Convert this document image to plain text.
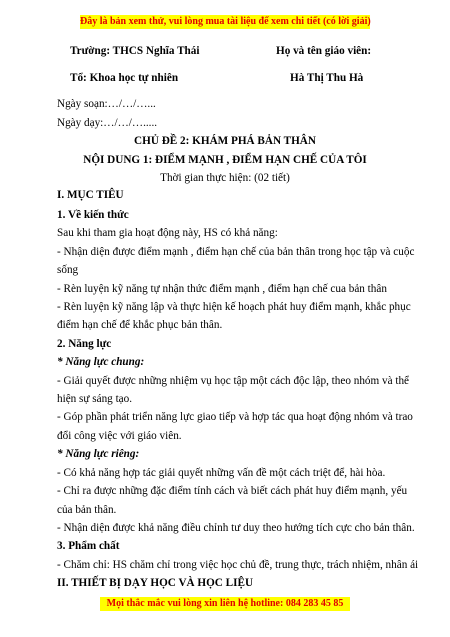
Đây là bản xem thử, vui lòng mua tài liệu để xem chi tiết (có lời giải)
Trường: THCS Nghĩa Thái	Họ và tên giáo viên:
Tổ: Khoa học tự nhiên	Hà Thị Thu Hà
Ngày soạn:…/…/…...
Ngày dạy:…/…/….....
CHỦ ĐỀ 2: KHÁM PHÁ BẢN THÂN
NỘI DUNG 1: ĐIỂM MẠNH , ĐIỂM HẠN CHẾ CỦA TÔI
Thời gian thực hiện: (02 tiết)
I. MỤC TIÊU
1. Về kiến thức
Sau khi tham gia hoạt động này, HS có khả năng:
- Nhận diện được điểm mạnh , điểm hạn chế của bản thân trong học tập và cuộc
sống
- Rèn luyện kỹ năng tự nhận thức điểm mạnh , điểm hạn chế cua bản thân
- Rèn luyện kỹ năng lập và thực hiện kế hoạch phát huy điểm mạnh, khắc phục
điểm hạn chế để khắc phục bản thân.
2. Năng lực
* Năng lực chung:
- Giải quyết được những nhiệm vụ học tập một cách độc lập, theo nhóm và thể
hiện sự sáng tạo.
- Góp phần phát triển năng lực giao tiếp và hợp tác qua hoạt động nhóm và trao
đổi công việc với giáo viên.
* Năng lực riêng:
- Có khả năng hợp tác giải quyết những vấn đề một cách triệt để, hài hòa.
- Chỉ ra được những đặc điểm tính cách và biết cách phát huy điểm mạnh, yếu
của bản thân.
- Nhận diện được khả năng điều chỉnh tư duy theo hướng tích cực cho bản thân.
3. Phẩm chất
- Chăm chỉ: HS chăm chỉ trong việc học chủ đề, trung thực, trách nhiệm, nhân ái
II. THIẾT BỊ DẠY HỌC VÀ HỌC LIỆU
Mọi thắc mắc vui lòng xin liên hệ hotline: 084 283 45 85
